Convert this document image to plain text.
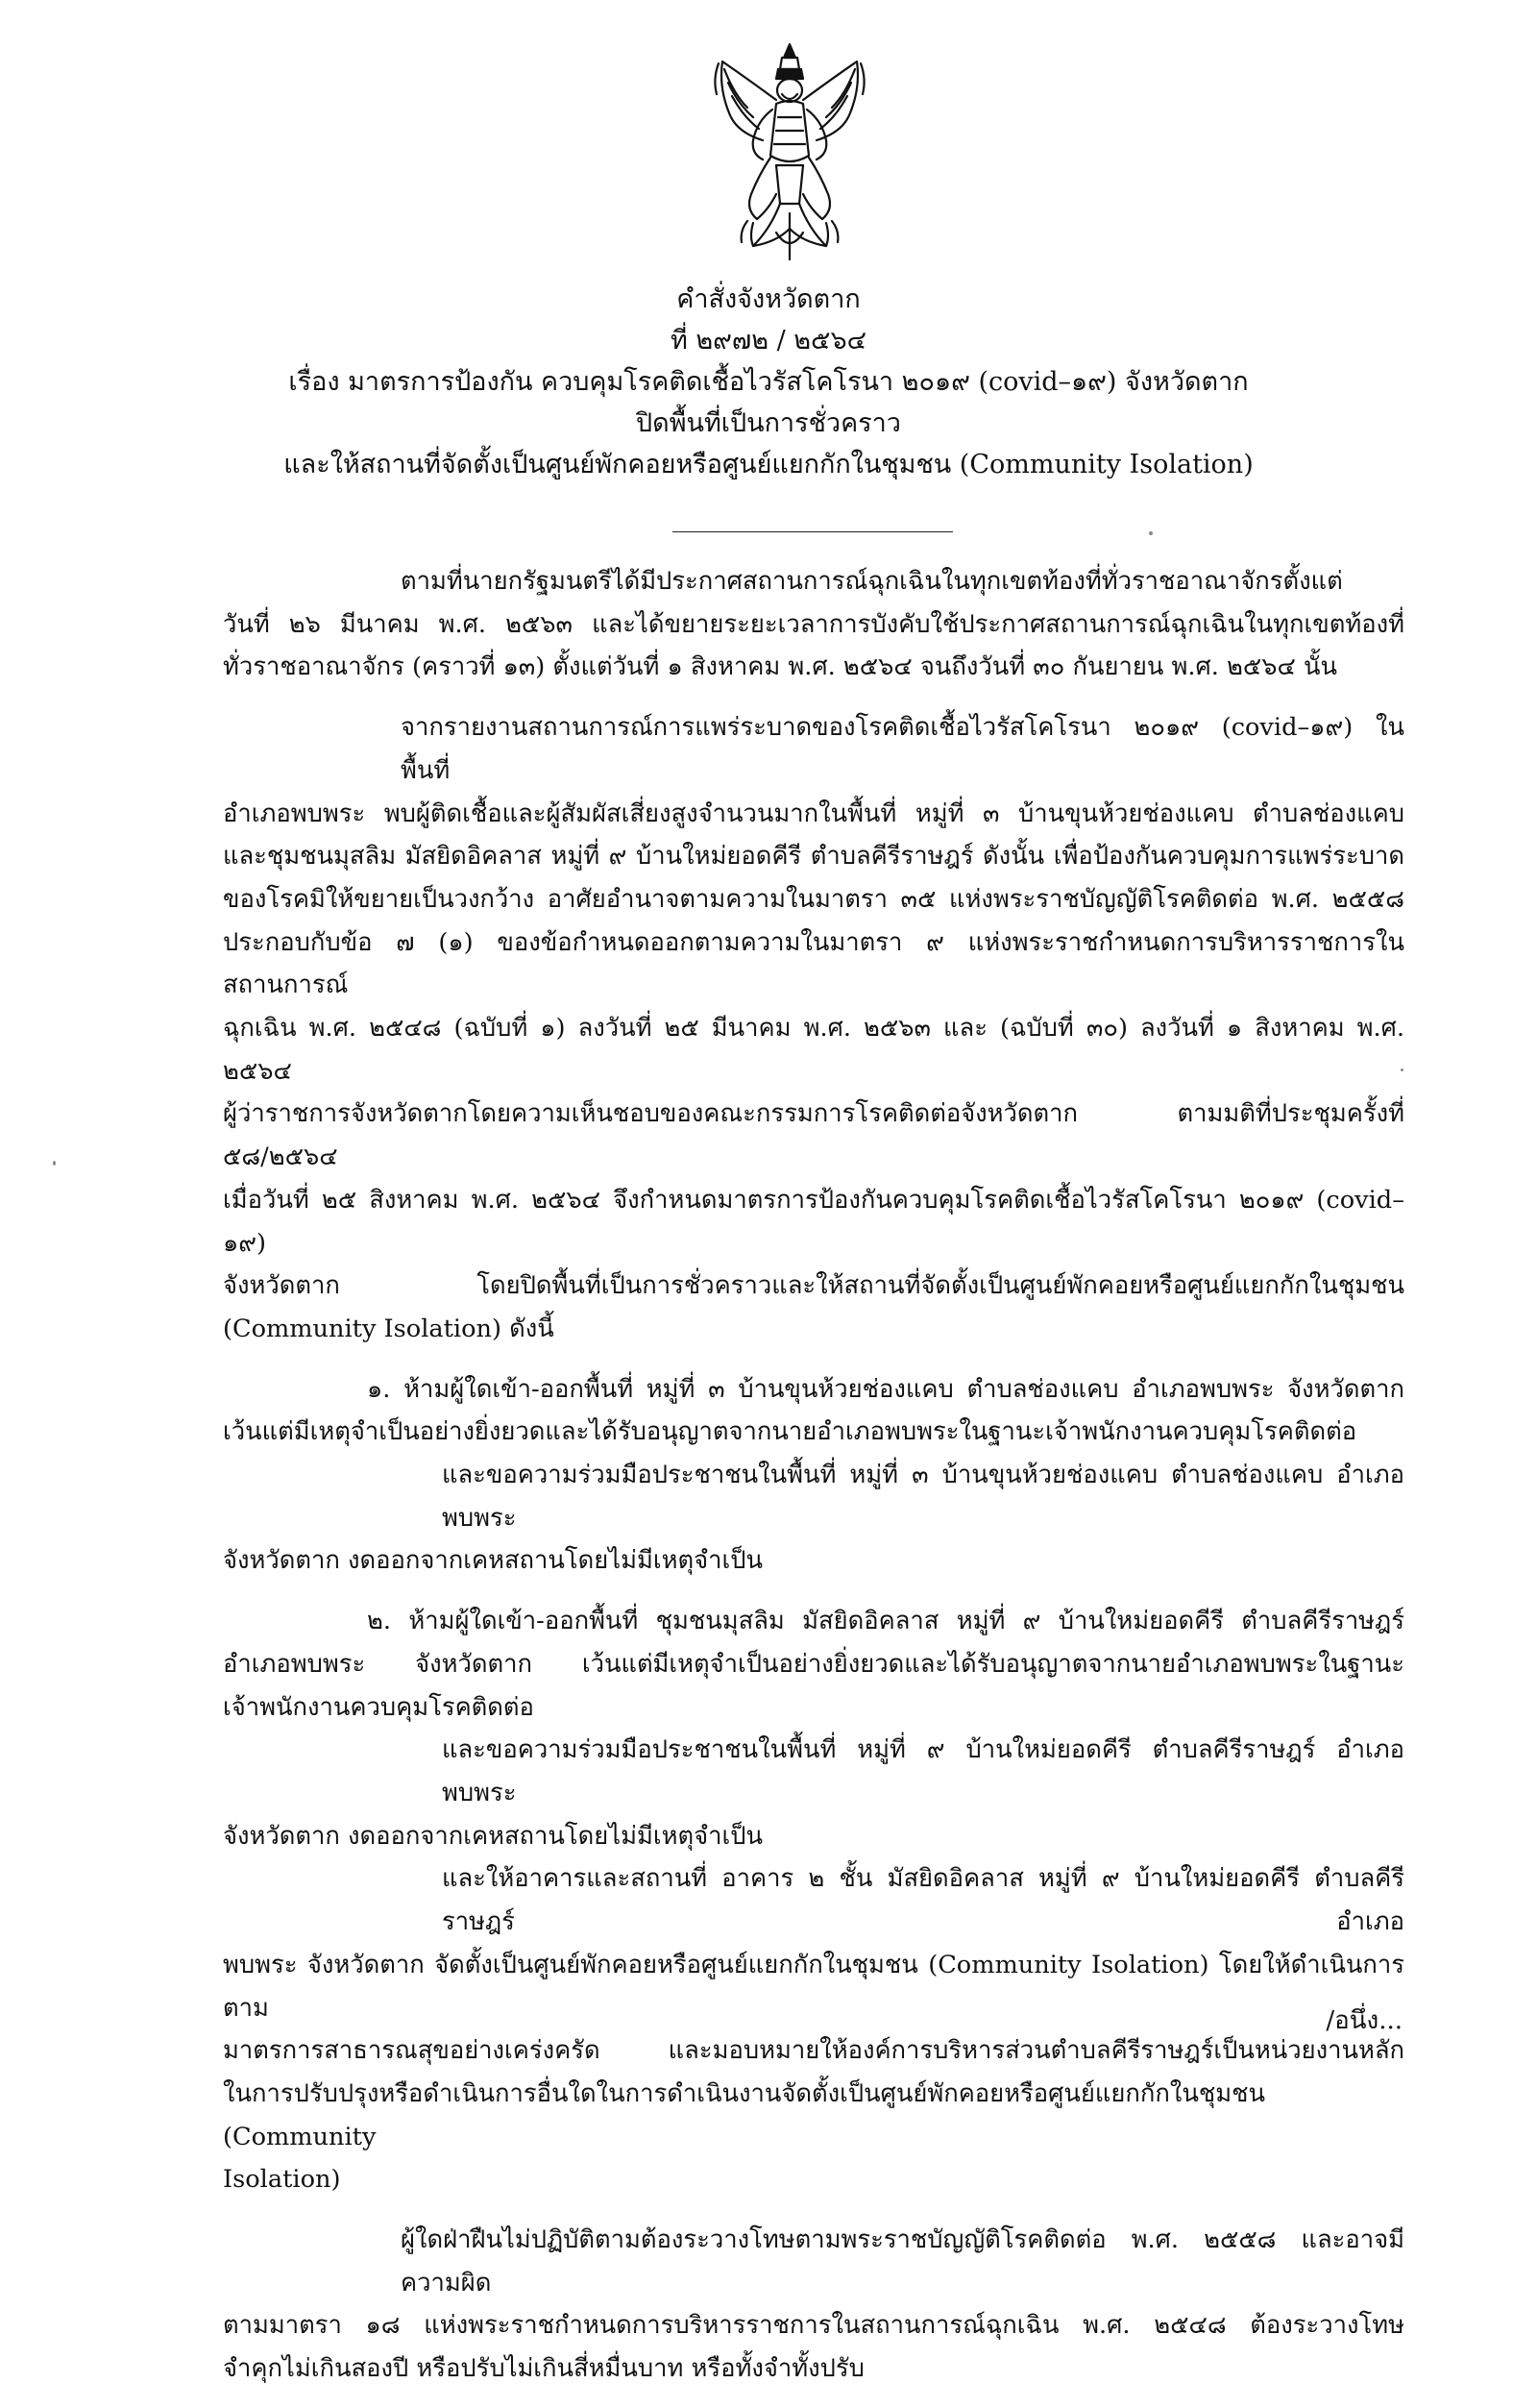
คำสั่งจังหวัดตาก
ที่ ๒๙๗๒ / ๒๕๖๔
เรื่อง มาตรการป้องกัน ควบคุมโรคติดเชื้อไวรัสโคโรนา ๒๐๑๙ (covid–๑๙) จังหวัดตาก
ปิดพื้นที่เป็นการชั่วคราว
และให้สถานที่จัดตั้งเป็นศูนย์พักคอยหรือศูนย์แยกกักในชุมชน (Community Isolation)
ตามที่นายกรัฐมนตรีได้มีประกาศสถานการณ์ฉุกเฉินในทุกเขตท้องที่ทั่วราชอาณาจักรตั้งแต่
วันที่ ๒๖ มีนาคม พ.ศ. ๒๕๖๓ และได้ขยายระยะเวลาการบังคับใช้ประกาศสถานการณ์ฉุกเฉินในทุกเขตท้องที่
ทั่วราชอาณาจักร (คราวที่ ๑๓) ตั้งแต่วันที่ ๑ สิงหาคม พ.ศ. ๒๕๖๔ จนถึงวันที่ ๓๐ กันยายน พ.ศ. ๒๕๖๔ นั้น
จากรายงานสถานการณ์การแพร่ระบาดของโรคติดเชื้อไวรัสโคโรนา ๒๐๑๙ (covid–๑๙) ในพื้นที่
อำเภอพบพระ พบผู้ติดเชื้อและผู้สัมผัสเสี่ยงสูงจำนวนมากในพื้นที่ หมู่ที่ ๓ บ้านขุนห้วยช่องแคบ ตำบลช่องแคบ
และชุมชนมุสลิม มัสยิดอิคลาส หมู่ที่ ๙ บ้านใหม่ยอดคีรี ตำบลคีรีราษฎร์ ดังนั้น เพื่อป้องกันควบคุมการแพร่ระบาด
ของโรคมิให้ขยายเป็นวงกว้าง อาศัยอำนาจตามความในมาตรา ๓๕ แห่งพระราชบัญญัติโรคติดต่อ พ.ศ. ๒๕๕๘
ประกอบกับข้อ ๗ (๑) ของข้อกำหนดออกตามความในมาตรา ๙ แห่งพระราชกำหนดการบริหารราชการในสถานการณ์
ฉุกเฉิน พ.ศ. ๒๕๔๘ (ฉบับที่ ๑) ลงวันที่ ๒๕ มีนาคม พ.ศ. ๒๕๖๓ และ (ฉบับที่ ๓๐) ลงวันที่ ๑ สิงหาคม พ.ศ. ๒๕๖๔
ผู้ว่าราชการจังหวัดตากโดยความเห็นชอบของคณะกรรมการโรคติดต่อจังหวัดตาก ตามมติที่ประชุมครั้งที่ ๕๘/๒๕๖๔
เมื่อวันที่ ๒๕ สิงหาคม พ.ศ. ๒๕๖๔ จึงกำหนดมาตรการป้องกันควบคุมโรคติดเชื้อไวรัสโคโรนา ๒๐๑๙ (covid–๑๙)
จังหวัดตาก โดยปิดพื้นที่เป็นการชั่วคราวและให้สถานที่จัดตั้งเป็นศูนย์พักคอยหรือศูนย์แยกกักในชุมชน
(Community Isolation) ดังนี้
๑. ห้ามผู้ใดเข้า-ออกพื้นที่ หมู่ที่ ๓ บ้านขุนห้วยช่องแคบ ตำบลช่องแคบ อำเภอพบพระ จังหวัดตาก
เว้นแต่มีเหตุจำเป็นอย่างยิ่งยวดและได้รับอนุญาตจากนายอำเภอพบพระในฐานะเจ้าพนักงานควบคุมโรคติดต่อ
และขอความร่วมมือประชาชนในพื้นที่ หมู่ที่ ๓ บ้านขุนห้วยช่องแคบ ตำบลช่องแคบ อำเภอพบพระ
จังหวัดตาก งดออกจากเคหสถานโดยไม่มีเหตุจำเป็น
๒. ห้ามผู้ใดเข้า-ออกพื้นที่ ชุมชนมุสลิม มัสยิดอิคลาส หมู่ที่ ๙ บ้านใหม่ยอดคีรี ตำบลคีรีราษฎร์
อำเภอพบพระ จังหวัดตาก เว้นแต่มีเหตุจำเป็นอย่างยิ่งยวดและได้รับอนุญาตจากนายอำเภอพบพระในฐานะ
เจ้าพนักงานควบคุมโรคติดต่อ
และขอความร่วมมือประชาชนในพื้นที่ หมู่ที่ ๙ บ้านใหม่ยอดคีรี ตำบลคีรีราษฎร์ อำเภอพบพระ
จังหวัดตาก งดออกจากเคหสถานโดยไม่มีเหตุจำเป็น
และให้อาคารและสถานที่ อาคาร ๒ ชั้น มัสยิดอิคลาส หมู่ที่ ๙ บ้านใหม่ยอดคีรี ตำบลคีรีราษฎร์ อำเภอ
พบพระ จังหวัดตาก จัดตั้งเป็นศูนย์พักคอยหรือศูนย์แยกกักในชุมชน (Community Isolation) โดยให้ดำเนินการตาม
มาตรการสาธารณสุขอย่างเคร่งครัด และมอบหมายให้องค์การบริหารส่วนตำบลคีรีราษฎร์เป็นหน่วยงานหลัก
ในการปรับปรุงหรือดำเนินการอื่นใดในการดำเนินงานจัดตั้งเป็นศูนย์พักคอยหรือศูนย์แยกกักในชุมชน (Community
Isolation)
ผู้ใดฝ่าฝืนไม่ปฏิบัติตามต้องระวางโทษตามพระราชบัญญัติโรคติดต่อ พ.ศ. ๒๕๕๘ และอาจมีความผิด
ตามมาตรา ๑๘ แห่งพระราชกำหนดการบริหารราชการในสถานการณ์ฉุกเฉิน พ.ศ. ๒๕๔๘ ต้องระวางโทษ
จำคุกไม่เกินสองปี หรือปรับไม่เกินสี่หมื่นบาท หรือทั้งจำทั้งปรับ
/อนึ่ง...
